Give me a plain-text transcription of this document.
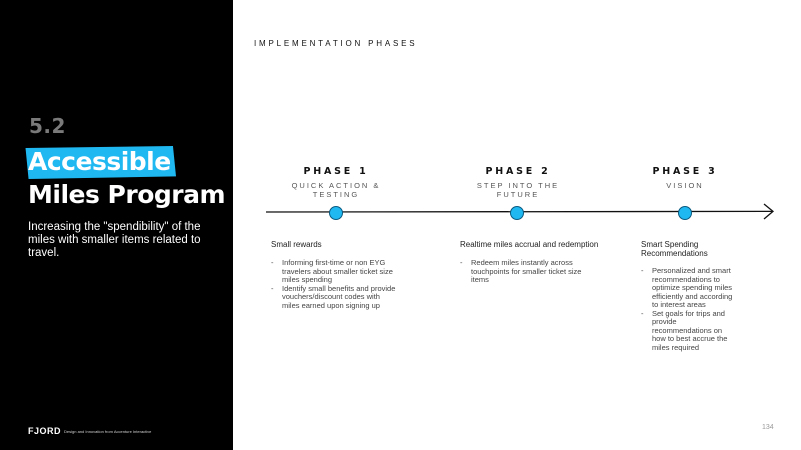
5.2
Accessible
Miles Program
Increasing the "spendibility" of the miles with smaller items related to travel.
FJORD Design and Innovation from Accenture Interactive
IMPLEMENTATION PHASES
PHASE 1
QUICK ACTION &
TESTING
PHASE 2
STEP INTO THE
FUTURE
PHASE 3
VISION
Small rewards
- Informing first-time or non EYG
travelers about smaller ticket size
miles spending
- Identify small benefits and provide
vouchers/discount codes with
miles earned upon signing up
Realtime miles accrual and redemption
- Redeem miles instantly across
touchpoints for smaller ticket size
items
Smart Spending
Recommendations
- Personalized and smart
recommendations to
optimize spending miles
efficiently and according
to interest areas
- Set goals for trips and
provide
recommendations on
how to best accrue the
miles required
134
